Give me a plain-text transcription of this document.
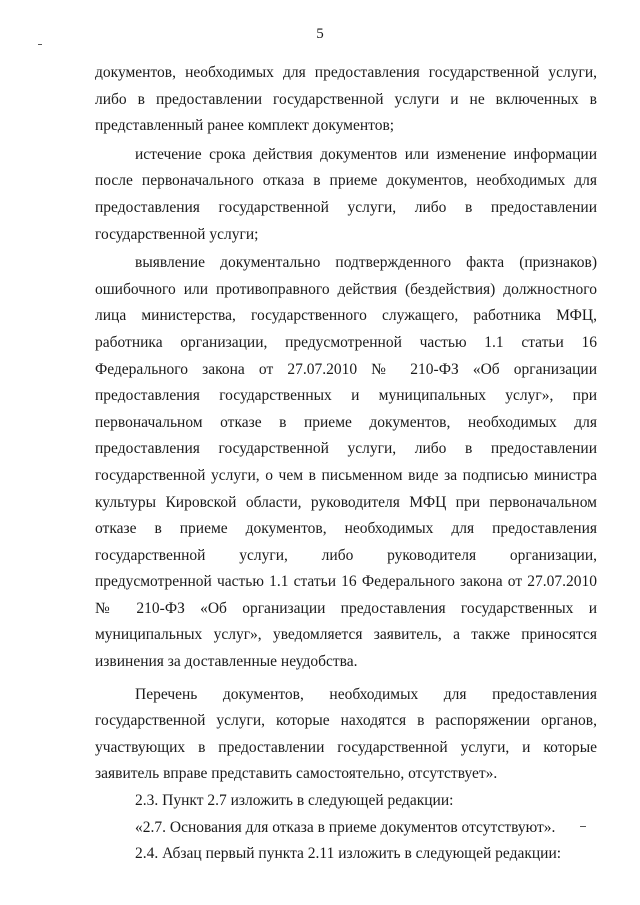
5

документов, необходимых для предоставления государственной услуги, либо в предоставлении государственной услуги и не включенных в представленный ранее комплект документов;

истечение срока действия документов или изменение информации после первоначального отказа в приеме документов, необходимых для предоставления государственной услуги, либо в предоставлении государственной услуги;

выявление документально подтвержденного факта (признаков) ошибочного или противоправного действия (бездействия) должностного лица министерства, государственного служащего, работника МФЦ, работника организации, предусмотренной частью 1.1 статьи 16 Федерального закона от 27.07.2010 № 210-ФЗ «Об организации предоставления государственных и муниципальных услуг», при первоначальном отказе в приеме документов, необходимых для предоставления государственной услуги, либо в предоставлении государственной услуги, о чем в письменном виде за подписью министра культуры Кировской области, руководителя МФЦ при первоначальном отказе в приеме документов, необходимых для предоставления государственной услуги, либо руководителя организации, предусмотренной частью 1.1 статьи 16 Федерального закона от 27.07.2010 № 210-ФЗ «Об организации предоставления государственных и муниципальных услуг», уведомляется заявитель, а также приносятся извинения за доставленные неудобства.

Перечень документов, необходимых для предоставления государственной услуги, которые находятся в распоряжении органов, участвующих в предоставлении государственной услуги, и которые заявитель вправе представить самостоятельно, отсутствует».

2.3. Пункт 2.7 изложить в следующей редакции:

«2.7. Основания для отказа в приеме документов отсутствуют».

2.4. Абзац первый пункта 2.11 изложить в следующей редакции:
